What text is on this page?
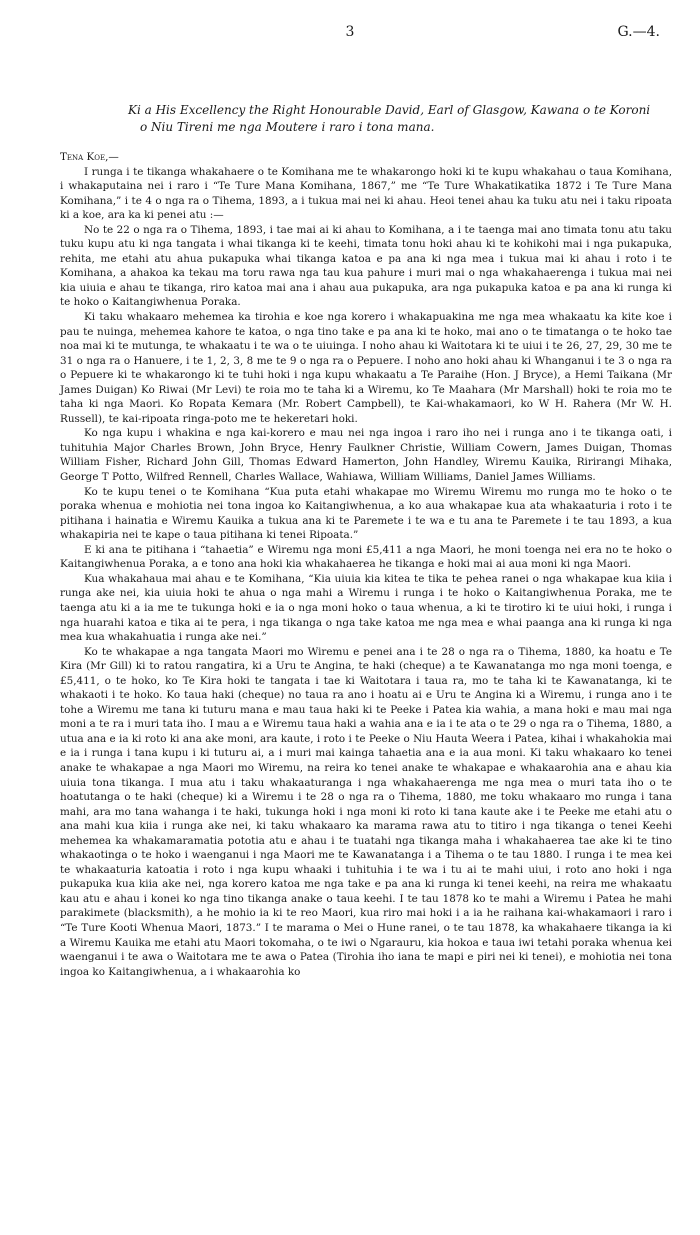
3	G.—4.
Ki a His Excellency the Right Honourable David, Earl of Glasgow, Kawana o te Koroni
o Niu Tireni me nga Moutere i raro i tona mana.

Tena Koe,—

I runga i te tikanga whakahaere o te Komihana me te whakarongo hoki ki te kupu whakahau o taua Komihana, i whakaputaina nei i raro i “Te Ture Mana Komihana, 1867,” me “Te Ture Whakatikatika 1872 i Te Ture Mana Komihana,” i te 4 o nga ra o Tihema, 1893, a i tukua mai nei ki ahau. Heoi tenei ahau ka tuku atu nei i taku ripoata ki a koe, ara ka ki penei atu :—

No te 22 o nga ra o Tihema, 1893, i tae mai ai ki ahau to Komihana, a i te taenga mai ano timata tonu atu taku tuku kupu atu ki nga tangata i whai tikanga ki te keehi, timata tonu hoki ahau ki te kohikohi mai i nga pukapuka, rehita, me etahi atu ahua pukapuka whai tikanga katoa e pa ana ki nga mea i tukua mai ki ahau i roto i te Komihana, a ahakoa ka tekau ma toru rawa nga tau kua pahure i muri mai o nga whakahaerenga i tukua mai nei kia uiuia e ahau te tikanga, riro katoa mai ana i ahau aua pukapuka, ara nga pukapuka katoa e pa ana ki runga ki te hoko o Kaitangiwhenua Poraka.

Ki taku whakaaro mehemea ka tirohia e koe nga korero i whakapuakina me nga mea whakaatu ka kite koe i pau te nuinga, mehemea kahore te katoa, o nga tino take e pa ana ki te hoko, mai ano o te timatanga o te hoko tae noa mai ki te mutunga, te whakaatu i te wa o te uiuinga. I noho ahau ki Waitotara ki te uiui i te 26, 27, 29, 30 me te 31 o nga ra o Hanuere, i te 1, 2, 3, 8 me te 9 o nga ra o Pepuere. I noho ano hoki ahau ki Whanganui i te 3 o nga ra o Pepuere ki te whakarongo ki te tuhi hoki i nga kupu whakaatu a Te Paraihe (Hon. J Bryce), a Hemi Taikana (Mr James Duigan) Ko Riwai (Mr Levi) te roia mo te taha ki a Wiremu, ko Te Maahara (Mr Marshall) hoki te roia mo te taha ki nga Maori. Ko Ropata Kemara (Mr. Robert Campbell), te Kai-whakamaori, ko W H. Rahera (Mr W. H. Russell), te kai-ripoata ringa-poto me te hekeretari hoki.

Ko nga kupu i whakina e nga kai-korero e mau nei nga ingoa i raro iho nei i runga ano i te tikanga oati, i tuhituhia Major Charles Brown, John Bryce, Henry Faulkner Christie, William Cowern, James Duigan, Thomas William Fisher, Richard John Gill, Thomas Edward Hamerton, John Handley, Wiremu Kauika, Ririrangi Mihaka, George T Potto, Wilfred Rennell, Charles Wallace, Wahiawa, William Williams, Daniel James Williams.

Ko te kupu tenei o te Komihana “Kua puta etahi whakapae mo Wiremu Wiremu mo runga mo te hoko o te poraka whenua e mohiotia nei tona ingoa ko Kaitangiwhenua, a ko aua whakapae kua ata whakaaturia i roto i te pitihana i hainatia e Wiremu Kauika a tukua ana ki te Paremete i te wa e tu ana te Paremete i te tau 1893, a kua whakapiria nei te kape o taua pitihana ki tenei Ripoata.”

E ki ana te pitihana i “tahaetia” e Wiremu nga moni £5,411 a nga Maori, he moni toenga nei era no te hoko o Kaitangiwhenua Poraka, a e tono ana hoki kia whakahaerea he tikanga e hoki mai ai aua moni ki nga Maori.

Kua whakahaua mai ahau e te Komihana, “Kia uiuia kia kitea te tika te pehea ranei o nga whakapae kua kiia i runga ake nei, kia uiuia hoki te ahua o nga mahi a Wiremu i runga i te hoko o Kaitangiwhenua Poraka, me te taenga atu ki a ia me te tukunga hoki e ia o nga moni hoko o taua whenua, a ki te tirotiro ki te uiui hoki, i runga i nga huarahi katoa e tika ai te pera, i nga tikanga o nga take katoa me nga mea e whai paanga ana ki runga ki nga mea kua whakahuatia i runga ake nei.”

Ko te whakapae a nga tangata Maori mo Wiremu e penei ana i te 28 o nga ra o Tihema, 1880, ka hoatu e Te Kira (Mr Gill) ki to ratou rangatira, ki a Uru te Angina, te haki (cheque) a te Kawanatanga mo nga moni toenga, e £5,411, o te hoko, ko Te Kira hoki te tangata i tae ki Waitotara i taua ra, mo te taha ki te Kawanatanga, ki te whakaoti i te hoko. Ko taua haki (cheque) no taua ra ano i hoatu ai e Uru te Angina ki a Wiremu, i runga ano i te tohe a Wiremu me tana ki tuturu mana e mau taua haki ki te Peeke i Patea kia wahia, a mana hoki e mau mai nga moni a te ra i muri tata iho. I mau a e Wiremu taua haki a wahia ana e ia i te ata o te 29 o nga ra o Tihema, 1880, a utua ana e ia ki roto ki ana ake moni, ara kaute, i roto i te Peeke o Niu Hauta Weera i Patea, kihai i whakahokia mai e ia i runga i tana kupu i ki tuturu ai, a i muri mai kainga tahaetia ana e ia aua moni. Ki taku whakaaro ko tenei anake te whakapae a nga Maori mo Wiremu, na reira ko tenei anake te whakapae e whakaarohia ana e ahau kia uiuia tona tikanga. I mua atu i taku whakaaturanga i nga whakahaerenga me nga mea o muri tata iho o te hoatutanga o te haki (cheque) ki a Wiremu i te 28 o nga ra o Tihema, 1880, me toku whakaaro mo runga i tana mahi, ara mo tana wahanga i te haki, tukunga hoki i nga moni ki roto ki tana kaute ake i te Peeke me etahi atu o ana mahi kua kiia i runga ake nei, ki taku whakaaro ka marama rawa atu to titiro i nga tikanga o tenei Keehi mehemea ka whakamaramatia pototia atu e ahau i te tuatahi nga tikanga maha i whakahaerea tae ake ki te tino whakaotinga o te hoko i waenganui i nga Maori me te Kawanatanga i a Tihema o te tau 1880. I runga i te mea kei te whakaaturia katoatia i roto i nga kupu whaaki i tuhituhia i te wa i tu ai te mahi uiui, i roto ano hoki i nga pukapuka kua kiia ake nei, nga korero katoa me nga take e pa ana ki runga ki tenei keehi, na reira me whakaatu kau atu e ahau i konei ko nga tino tikanga anake o taua keehi. I te tau 1878 ko te mahi a Wiremu i Patea he mahi parakimete (blacksmith), a he mohio ia ki te reo Maori, kua riro mai hoki i a ia he raihana kai-whakamaori i raro i “Te Ture Kooti Whenua Maori, 1873.” I te marama o Mei o Hune ranei, o te tau 1878, ka whakahaere tikanga ia ki a Wiremu Kauika me etahi atu Maori tokomaha, o te iwi o Ngarauru, kia hokoa e taua iwi tetahi poraka whenua kei waenganui i te awa o Waitotara me te awa o Patea (Tirohia iho iana te mapi e piri nei ki tenei), e mohiotia nei tona ingoa ko Kaitangiwhenua, a i whakaarohia ko
